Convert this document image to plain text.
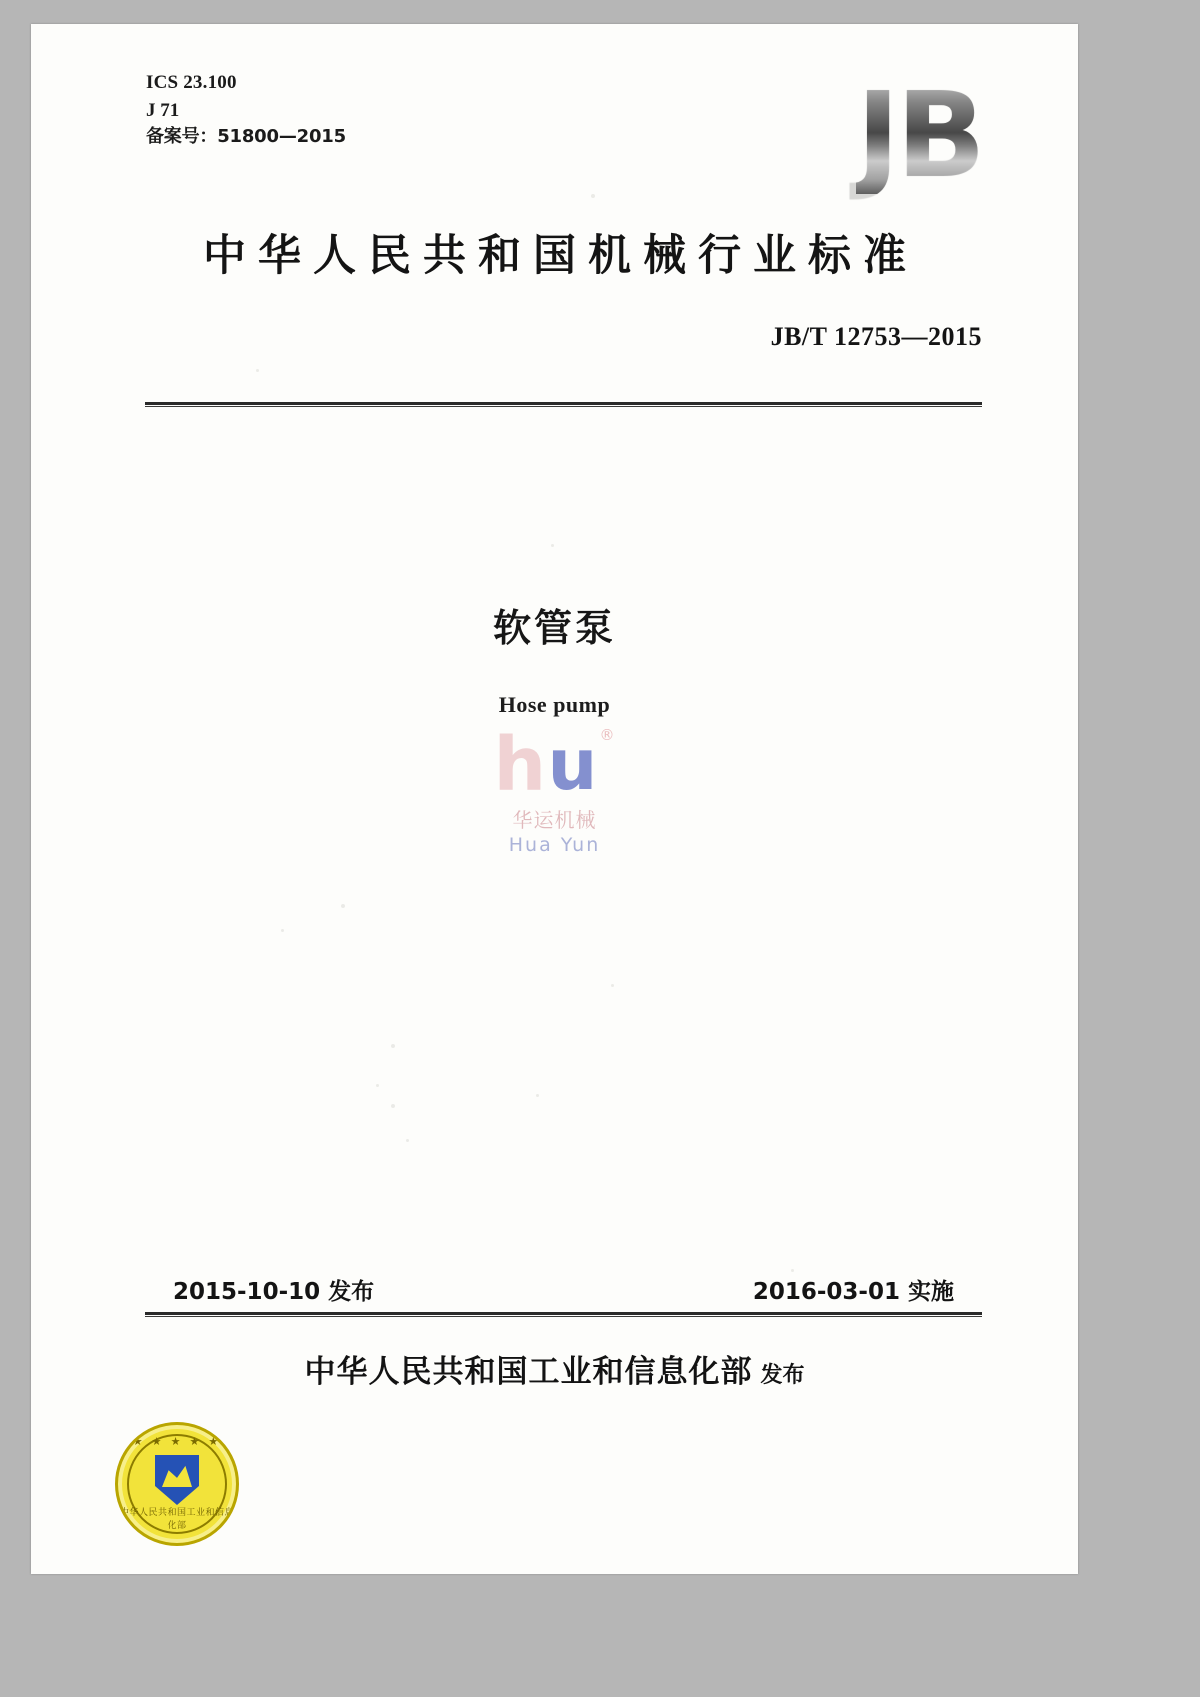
ICS 23.100
J 71
备案号：51800—2015	JB
中华人民共和国机械行业标准
JB/T 12753—2015
软管泵
Hose pump
h u ®
华运机械
Hua Yun
2015-10-10 发布	2016-03-01 实施
中华人民共和国工业和信息化部 发布
★ ★ ★ ★ ★
中华人民共和国工业和信息化部
